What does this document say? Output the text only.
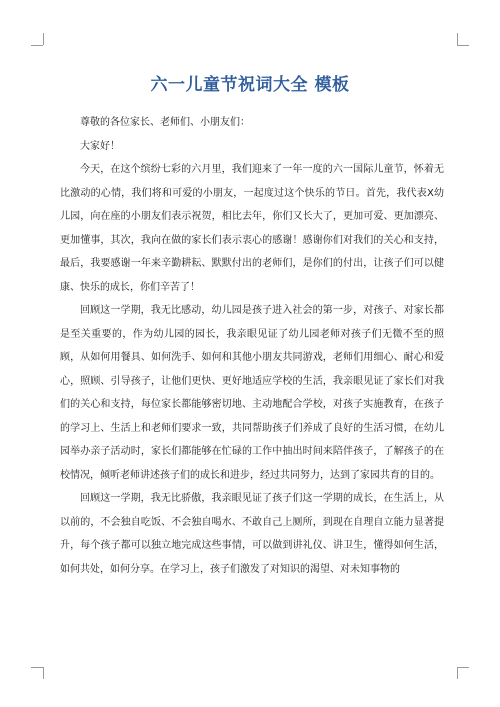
六一儿童节祝词大全 模板

尊敬的各位家长、老师们、小朋友们：

大家好！

今天，在这个缤纷七彩的六月里，我们迎来了一年一度的六一国际儿童节，怀着无比激动的心情，我们将和可爱的小朋友，一起度过这个快乐的节日。首先，我代表X幼儿园，向在座的小朋友们表示祝贺，相比去年，你们又长大了，更加可爱、更加漂亮、更加懂事，其次，我向在做的家长们表示衷心的感谢！感谢你们对我们的关心和支持，最后，我要感谢一年来辛勤耕耘、默默付出的老师们，是你们的付出，让孩子们可以健康、快乐的成长，你们辛苦了！

回顾这一学期，我无比感动，幼儿园是孩子进入社会的第一步，对孩子、对家长都是至关重要的，作为幼儿园的园长，我亲眼见证了幼儿园老师对孩子们无微不至的照顾，从如何用餐具、如何洗手、如何和其他小朋友共同游戏，老师们用细心、耐心和爱心，照顾、引导孩子，让他们更快、更好地适应学校的生活，我亲眼见证了家长们对我们的关心和支持，每位家长都能够密切地、主动地配合学校，对孩子实施教育，在孩子的学习上、生活上和老师们要求一致，共同帮助孩子们养成了良好的生活习惯，在幼儿园举办亲子活动时，家长们都能够在忙碌的工作中抽出时间来陪伴孩子，了解孩子的在校情况，倾听老师讲述孩子们的成长和进步，经过共同努力，达到了家园共育的目的。

回顾这一学期，我无比骄傲，我亲眼见证了孩子们这一学期的成长，在生活上，从以前的，不会独自吃饭、不会独自喝水、不敢自己上厕所，到现在自理自立能力显著提升，每个孩子都可以独立地完成这些事情，可以做到讲礼仪、讲卫生，懂得如何生活，如何共处，如何分享。在学习上，孩子们激发了对知识的渴望、对未知事物的
